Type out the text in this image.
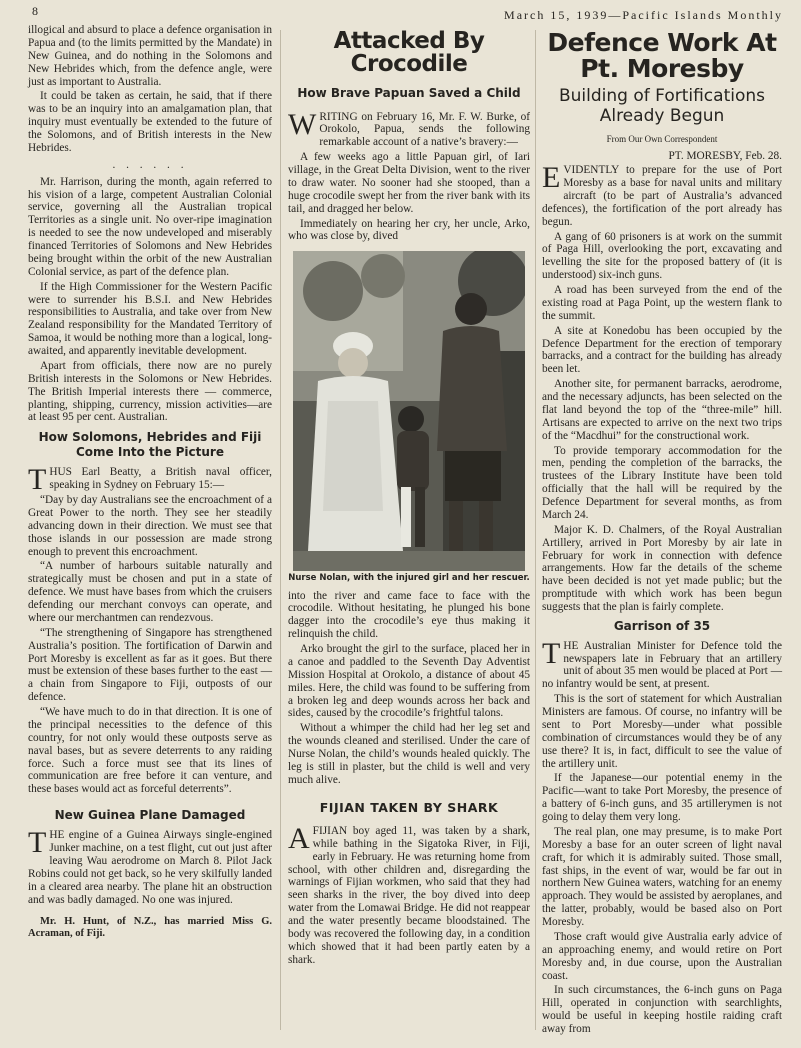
8	March 15, 1939—Pacific Islands Monthly

illogical and absurd to place a defence organisation in Papua and (to the limits permitted by the Mandate) in New Guinea, and do nothing in the Solomons and New Hebrides which, from the defence angle, were just as important to Australia.

It could be taken as certain, he said, that if there was to be an inquiry into an amalgamation plan, that inquiry must eventually be extended to the future of the Solomons, and of British interests in the New Hebrides.

. . . . . .

Mr. Harrison, during the month, again referred to his vision of a large, competent Australian Colonial service, governing all the Australian tropical Territories as a single unit. No over-ripe imagination is needed to see the now undeveloped and miserably financed Territories of Solomons and New Hebrides being brought within the orbit of the new Australian Colonial service, as part of the defence plan.

If the High Commissioner for the Western Pacific were to surrender his B.S.I. and New Hebrides responsibilities to Australia, and take over from New Zealand responsibility for the Mandated Territory of Samoa, it would be nothing more than a logical, long-awaited, and apparently inevitable development.

Apart from officials, there now are no purely British interests in the Solomons or New Hebrides. The British Imperial interests there — commerce, planting, shipping, currency, mission activities—are at least 95 per cent. Australian.

How Solomons, Hebrides and Fiji Come Into the Picture

THUS Earl Beatty, a British naval officer, speaking in Sydney on February 15:—

“Day by day Australians see the encroachment of a Great Power to the north. They see her steadily advancing down in their direction. We must see that those islands in our possession are made strong enough to prevent this encroachment.

“A number of harbours suitable naturally and strategically must be chosen and put in a state of defence. We must have bases from which the cruisers defending our merchant convoys can operate, and where our merchantmen can rendezvous.

“The strengthening of Singapore has strengthened Australia’s position. The fortification of Darwin and Port Moresby is excellent as far as it goes. But there must be extension of these bases further to the east — a chain from Singapore to Fiji, outposts of our defence.

“We have much to do in that direction. It is one of the principal necessities to the defence of this country, for not only would these outposts serve as naval bases, but as severe deterrents to any raiding force. Such a force must see that its lines of communication are free before it can venture, and these bases would act as forceful deterrents”.

New Guinea Plane Damaged

THE engine of a Guinea Airways single-engined Junker machine, on a test flight, cut out just after leaving Wau aerodrome on March 8. Pilot Jack Robins could not get back, so he very skilfully landed in a cleared area nearby. The plane hit an obstruction and was badly damaged. No one was injured.

Mr. H. Hunt, of N.Z., has married Miss G. Acraman, of Fiji.

Attacked By Crocodile
How Brave Papuan Saved a Child

WRITING on February 16, Mr. F. W. Burke, of Orokolo, Papua, sends the following remarkable account of a native’s bravery:—

A few weeks ago a little Papuan girl, of Iari village, in the Great Delta Division, went to the river to draw water. No sooner had she stooped, than a huge crocodile swept her from the river bank with its tail, and dragged her below.

Immediately on hearing her cry, her uncle, Arko, who was close by, dived

Nurse Nolan, with the injured girl and her rescuer.

into the river and came face to face with the crocodile. Without hesitating, he plunged his bone dagger into the crocodile’s eye thus making it relinquish the child.

Arko brought the girl to the surface, placed her in a canoe and paddled to the Seventh Day Adventist Mission Hospital at Orokolo, a distance of about 45 miles. Here, the child was found to be suffering from a broken leg and deep wounds across her back and sides, caused by the crocodile’s frightful talons.

Without a whimper the child had her leg set and the wounds cleaned and sterilised. Under the care of Nurse Nolan, the child’s wounds healed quickly. The leg is still in plaster, but the child is well and very much alive.

FIJIAN TAKEN BY SHARK

AFIJIAN boy aged 11, was taken by a shark, while bathing in the Sigatoka River, in Fiji, early in February. He was returning home from school, with other children and, disregarding the warnings of Fijian workmen, who said that they had seen sharks in the river, the boy dived into deep water from the Lomawai Bridge. He did not reappear and the water presently became bloodstained. The body was recovered the following day, in a condition which showed that it had been partly eaten by a shark.

Defence Work At Pt. Moresby
Building of Fortifications Already Begun
From Our Own Correspondent
PT. MORESBY, Feb. 28.

EVIDENTLY to prepare for the use of Port Moresby as a base for naval units and military aircraft (to be part of Australia’s advanced defences), the fortification of the port already has begun.

A gang of 60 prisoners is at work on the summit of Paga Hill, overlooking the port, excavating and levelling the site for the proposed battery of (it is understood) six-inch guns.

A road has been surveyed from the end of the existing road at Paga Point, up the western flank to the summit.

A site at Konedobu has been occupied by the Defence Department for the erection of temporary barracks, and a contract for the building has already been let.

Another site, for permanent barracks, aerodrome, and the necessary adjuncts, has been selected on the flat land beyond the top of the “three-mile” hill. Artisans are expected to arrive on the next two trips of the “Macdhui” for the constructional work.

To provide temporary accommodation for the men, pending the completion of the barracks, the trustees of the Library Institute have been told officially that the hall will be required by the Defence Department for several months, as from March 24.

Major K. D. Chalmers, of the Royal Australian Artillery, arrived in Port Moresby by air late in February for work in connection with defence arrangements. How far the details of the scheme have been decided is not yet made public; but the promptitude with which work has been begun suggests that the plan is fairly complete.

Garrison of 35

THE Australian Minister for Defence told the newspapers late in February that an artillery unit of about 35 men would be placed at Port — no infantry would be sent, at present.

This is the sort of statement for which Australian Ministers are famous. Of course, no infantry will be sent to Port Moresby—under what possible combination of circumstances would they be of any use there? It is, in fact, difficult to see the value of the artillery unit.

If the Japanese—our potential enemy in the Pacific—want to take Port Moresby, the presence of a battery of 6-inch guns, and 35 artillerymen is not going to delay them very long.

The real plan, one may presume, is to make Port Moresby a base for an outer screen of light naval craft, for which it is admirably suited. Those small, fast ships, in the event of war, would be far out in northern New Guinea waters, watching for an enemy approach. They would be assisted by aeroplanes, and the latter, probably, would be based also on Port Moresby.

Those craft would give Australia early advice of an approaching enemy, and would retire on Port Moresby and, in due course, upon the Australian coast.

In such circumstances, the 6-inch guns on Paga Hill, operated in conjunction with searchlights, would be useful in keeping hostile raiding craft away from
